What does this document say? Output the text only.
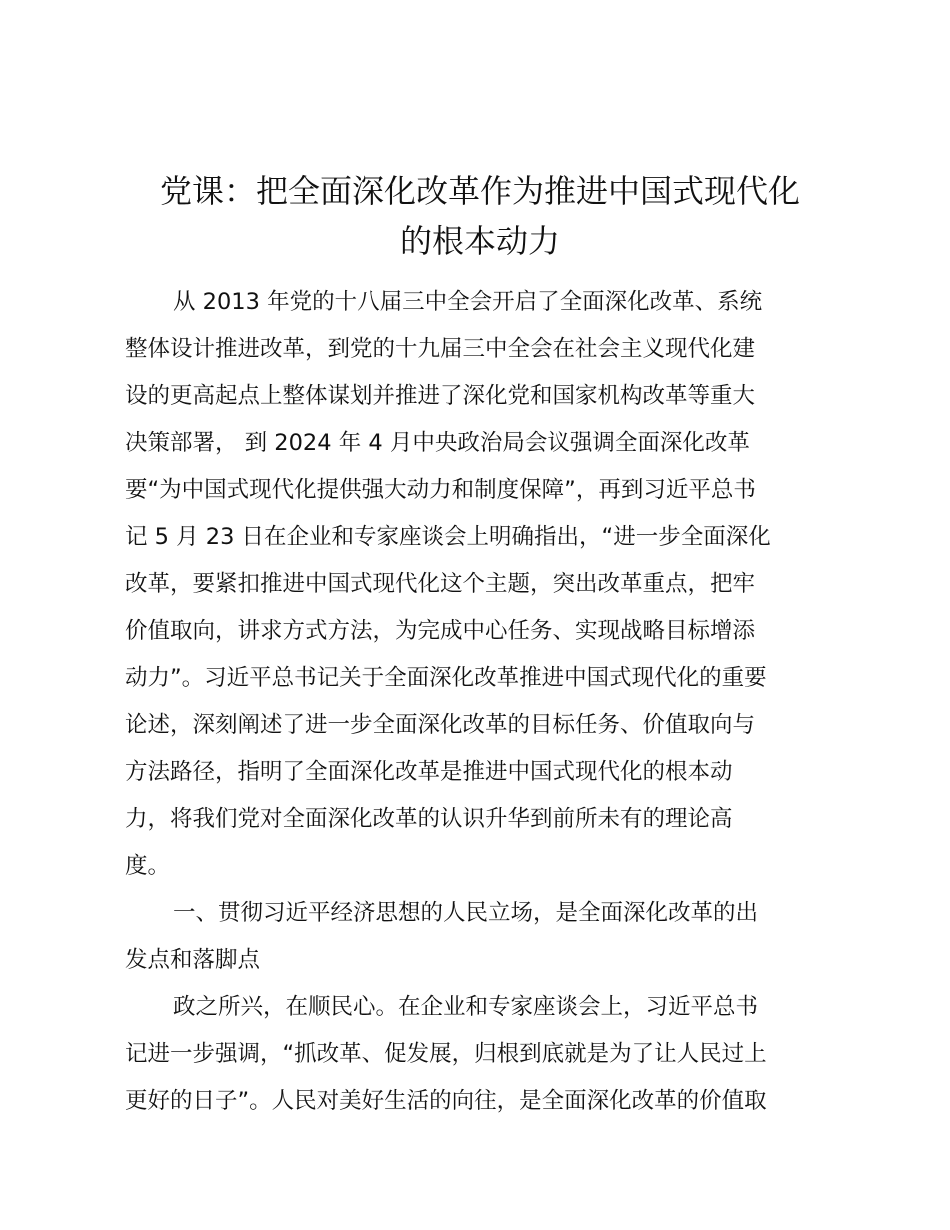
党课：把全面深化改革作为推进中国式现代化
的根本动力

从 2013 年党的十八届三中全会开启了全面深化改革、系统

整体设计推进改革，到党的十九届三中全会在社会主义现代化建

设的更高起点上整体谋划并推进了深化党和国家机构改革等重大

决策部署， 到 2024 年 4 月中央政治局会议强调全面深化改革

要“为中国式现代化提供强大动力和制度保障”，再到习近平总书

记 5 月 23 日在企业和专家座谈会上明确指出，“进一步全面深化

改革，要紧扣推进中国式现代化这个主题，突出改革重点，把牢

价值取向，讲求方式方法，为完成中心任务、实现战略目标增添

动力”。习近平总书记关于全面深化改革推进中国式现代化的重要

论述，深刻阐述了进一步全面深化改革的目标任务、价值取向与

方法路径，指明了全面深化改革是推进中国式现代化的根本动

力，将我们党对全面深化改革的认识升华到前所未有的理论高

度。

一、贯彻习近平经济思想的人民立场，是全面深化改革的出

发点和落脚点

政之所兴，在顺民心。在企业和专家座谈会上，习近平总书

记进一步强调，“抓改革、促发展，归根到底就是为了让人民过上

更好的日子”。人民对美好生活的向往，是全面深化改革的价值取
